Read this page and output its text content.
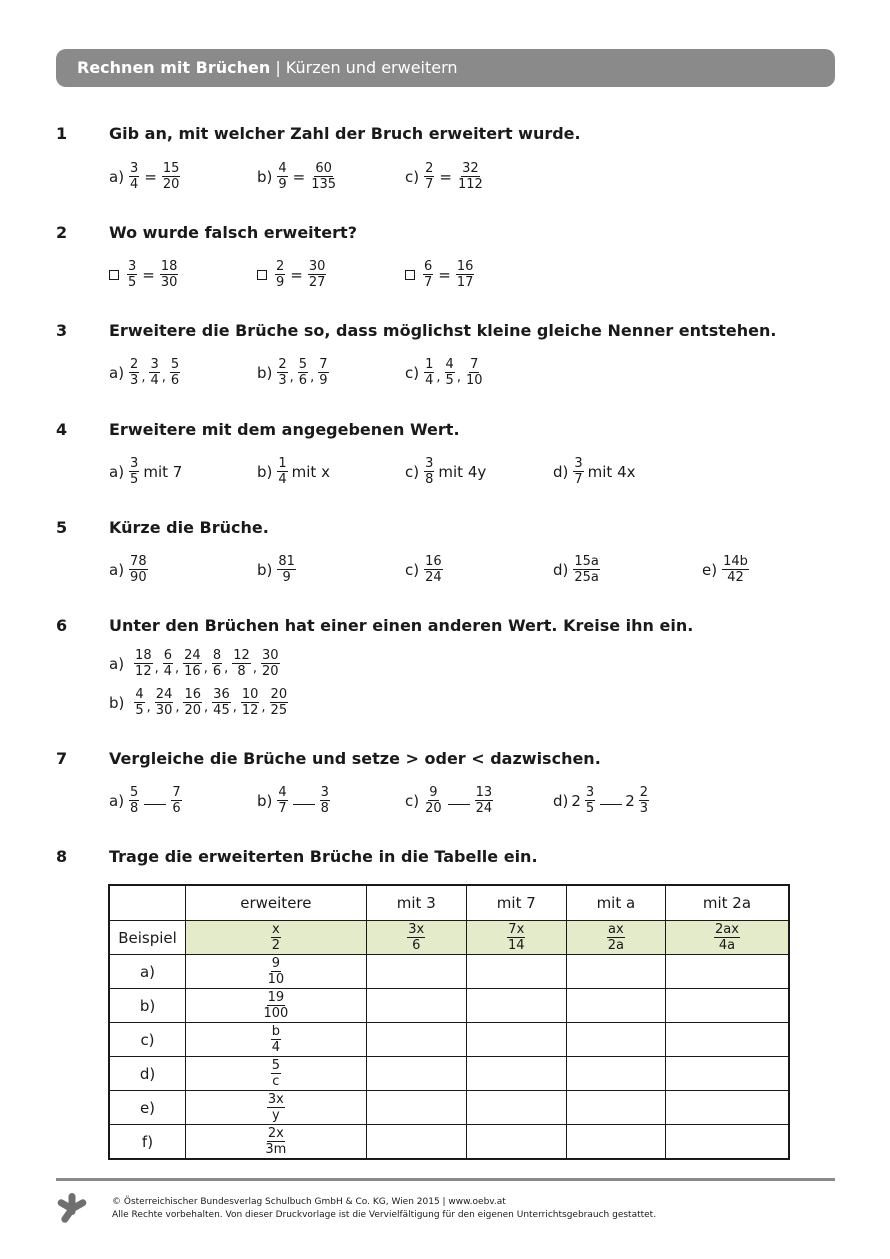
Rechnen mit Brüchen | Kürzen und erweitern
1	Gib an, mit welcher Zahl der Bruch erweitert wurde.
$a) \frac{3}{4} = \frac{15}{20}$	$b) \frac{4}{9} = \frac{60}{135}$	$c) \frac{2}{7} = \frac{32}{112}$
2	Wo wurde falsch erweitert?
$\frac{3}{5} = \frac{18}{30}$	$\frac{2}{9} = \frac{30}{27}$	$\frac{6}{7} = \frac{16}{17}$
3	Erweitere die Brüche so, dass möglichst kleine gleiche Nenner entstehen.
$a) \frac{2}{3}$ , $\frac{3}{4}$ , $\frac{5}{6}$	$b) \frac{2}{3}$ , $\frac{5}{6}$ , $\frac{7}{9}$	$c) \frac{1}{4}$ , $\frac{4}{5}$ , $\frac{7}{10}$
4	Erweitere mit dem angegebenen Wert.
$a) \frac{3}{5}$ mit 7	$b) \frac{1}{4}$ mit x	$c) \frac{3}{8}$ mit 4y	$d) \frac{3}{7}$ mit 4x
5	Kürze die Brüche.
$a) \frac{78}{90}$	$b) \frac{81}{9}$	$c) \frac{16}{24}$	$d) \frac{15a}{25a}$	$e) \frac{14b}{42}$
6	Unter den Brüchen hat einer einen anderen Wert. Kreise ihn ein.
$a) \frac{18}{12}$ , $\frac{6}{4}$ , $\frac{24}{16}$ , $\frac{8}{6}$ , $\frac{12}{8}$ , $\frac{30}{20}$
$b) \frac{4}{5}$ , $\frac{24}{30}$ , $\frac{16}{20}$ , $\frac{36}{45}$ , $\frac{10}{12}$ , $\frac{20}{25}$
7	Vergleiche die Brüche und setze > oder < dazwischen.
$a) \frac{5}{8} \frac{7}{6}$	$b) \frac{4}{7} \frac{3}{8}$	$c) \frac{9}{20} \frac{13}{24}$	d) $2 \frac{3}{5} 2 \frac{2}{3}$
8	Trage die erweiterten Brüche in die Tabelle ein.
	erweitere	mit 3	mit 7	mit a	mit 2a
Beispiel	$\frac{x}{2}$	$\frac{3x}{6}$	$\frac{7x}{14}$	$\frac{ax}{2a}$	$\frac{2ax}{4a}$

a)	$\frac{9}{10}$

b)	$\frac{19}{100}$

c)	$\frac{b}{4}$

d)	$\frac{5}{c}$

e)	$\frac{3x}{y}$

f)	$\frac{2x}{3m}$

© Österreichischer Bundesverlag Schulbuch GmbH & Co. KG, Wien 2015 | www.oebv.at
Alle Rechte vorbehalten. Von dieser Druckvorlage ist die Vervielfältigung für den eigenen Unterrichtsgebrauch gestattet.
